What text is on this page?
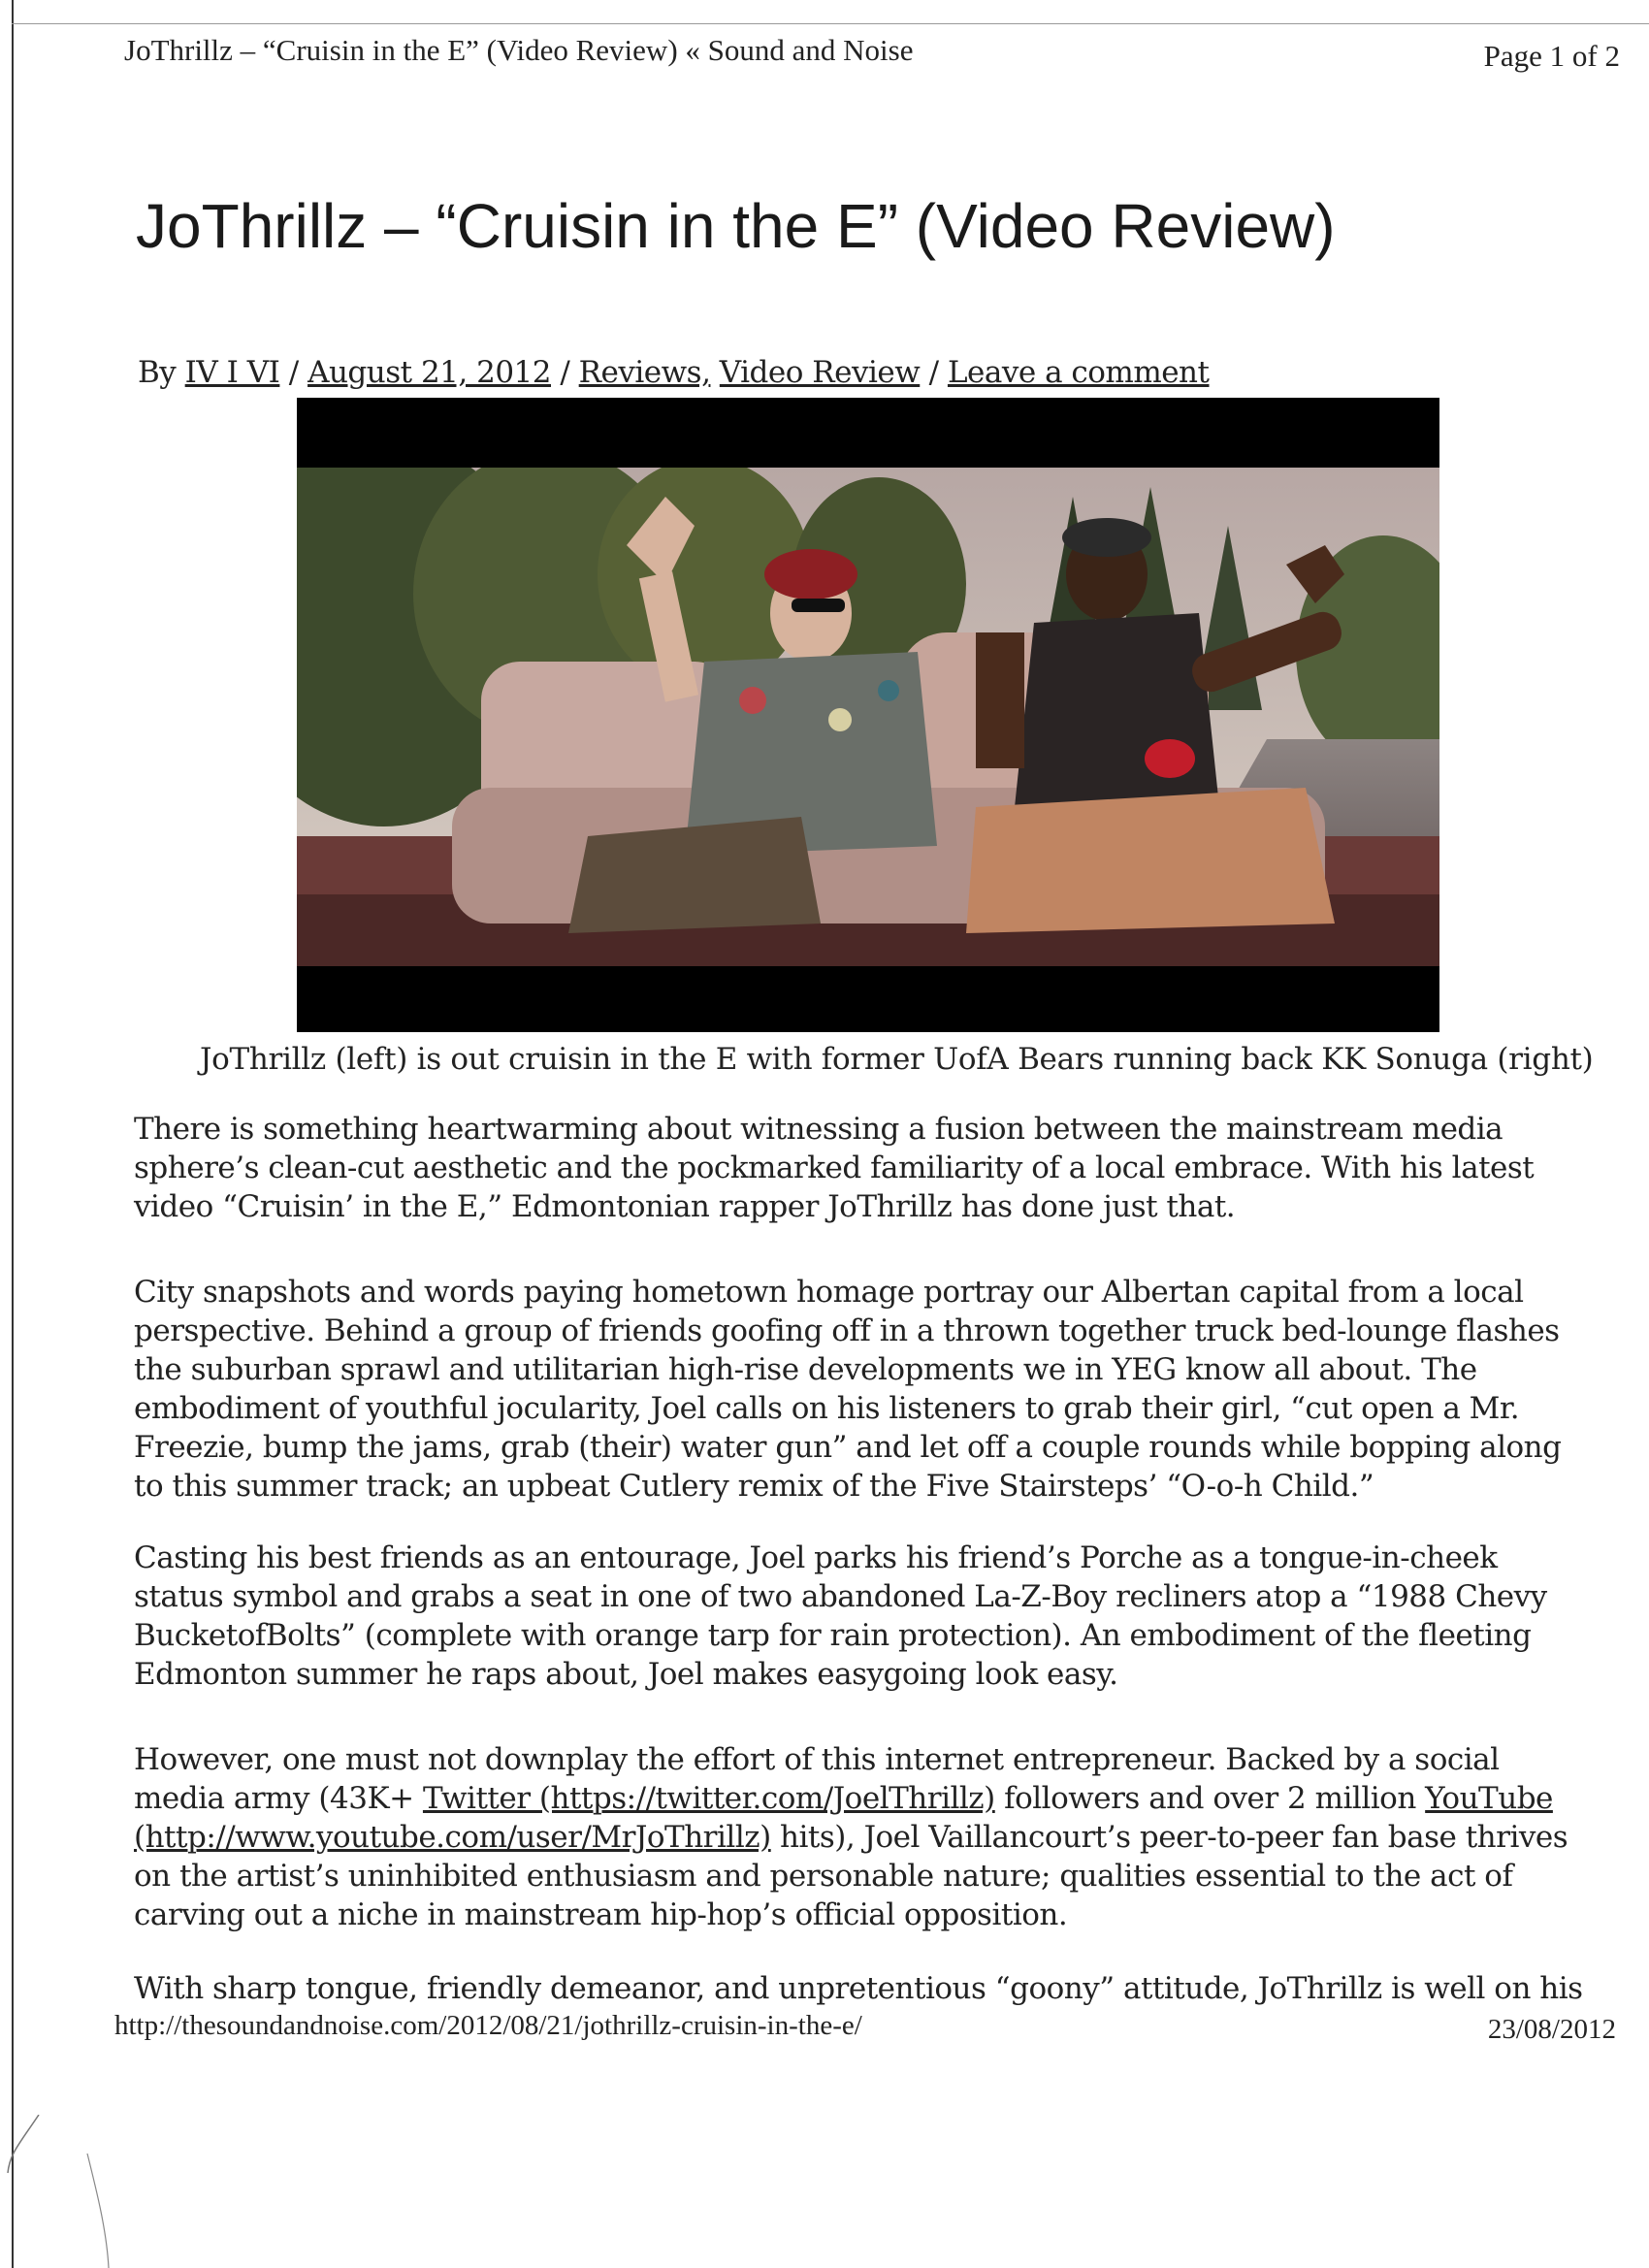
JoThrillz – “Cruisin in the E” (Video Review) « Sound and Noise	Page 1 of 2
JoThrillz – “Cruisin in the E” (Video Review)
By IV I VI / August 21, 2012 / Reviews, Video Review / Leave a comment
JoThrillz (left) is out cruisin in the E with former UofA Bears running back KK Sonuga (right)

There is something heartwarming about witnessing a fusion between the mainstream media sphere’s clean-cut aesthetic and the pockmarked familiarity of a local embrace. With his latest video “Cruisin’ in the E,” Edmontonian rapper JoThrillz has done just that.

City snapshots and words paying hometown homage portray our Albertan capital from a local perspective. Behind a group of friends goofing off in a thrown together truck bed-lounge flashes the suburban sprawl and utilitarian high-rise developments we in YEG know all about. The embodiment of youthful jocularity, Joel calls on his listeners to grab their girl, “cut open a Mr. Freezie, bump the jams, grab (their) water gun” and let off a couple rounds while bopping along to this summer track; an upbeat Cutlery remix of the Five Stairsteps’ “O-o-h Child.”

Casting his best friends as an entourage, Joel parks his friend’s Porche as a tongue-in-cheek status symbol and grabs a seat in one of two abandoned La-Z-Boy recliners atop a “1988 Chevy BucketofBolts” (complete with orange tarp for rain protection). An embodiment of the fleeting Edmonton summer he raps about, Joel makes easygoing look easy.

However, one must not downplay the effort of this internet entrepreneur. Backed by a social media army (43K+ Twitter (https://twitter.com/JoelThrillz) followers and over 2 million YouTube (http://www.youtube.com/user/MrJoThrillz) hits), Joel Vaillancourt’s peer-to-peer fan base thrives on the artist’s uninhibited enthusiasm and personable nature; qualities essential to the act of carving out a niche in mainstream hip-hop’s official opposition.

With sharp tongue, friendly demeanor, and unpretentious “goony” attitude, JoThrillz is well on his

http://thesoundandnoise.com/2012/08/21/jothrillz-cruisin-in-the-e/	23/08/2012
